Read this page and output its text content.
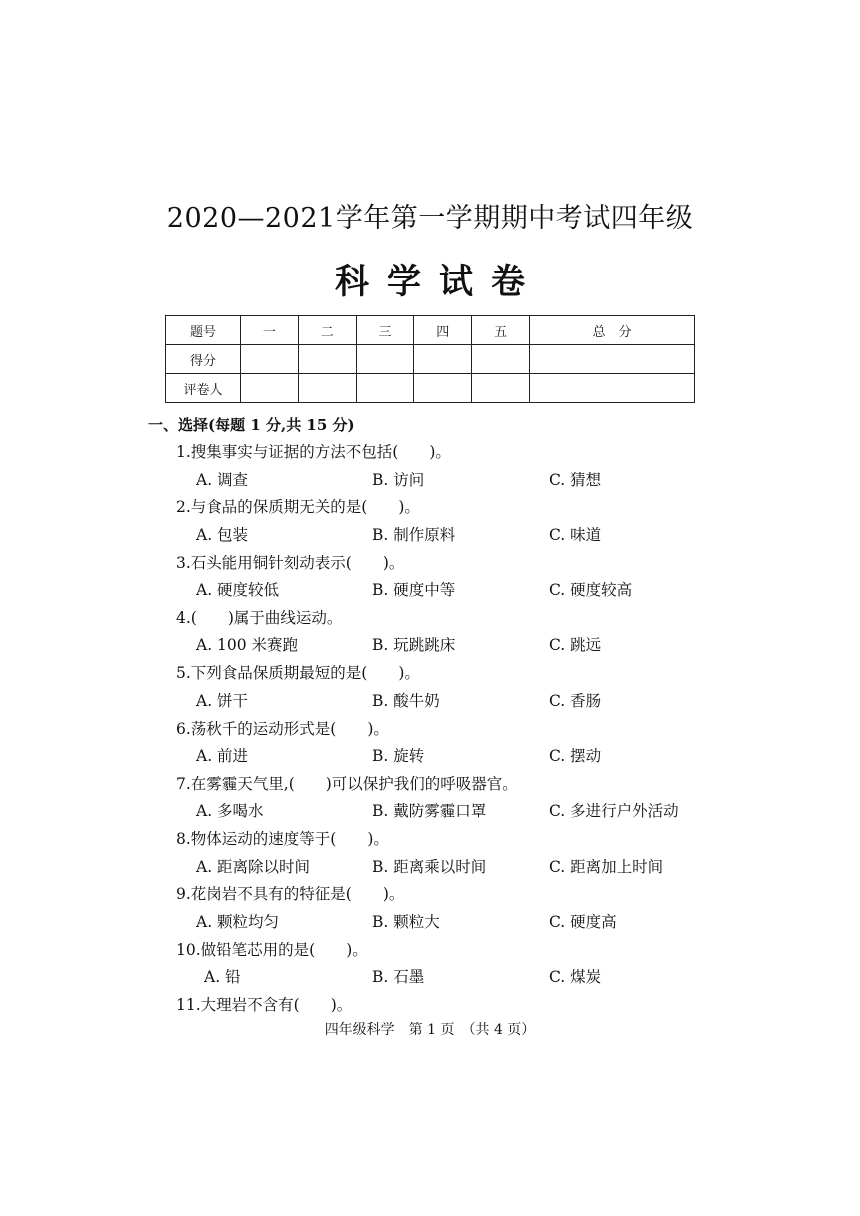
2020—2021学年第一学期期中考试四年级
科学试卷
题号	一	二	三	四	五	总　分
得分						
评卷人						
一、选择(每题 1 分,共 15 分)
1.搜集事实与证据的方法不包括(　　)。
A. 调查	B. 访问	C. 猜想
2.与食品的保质期无关的是(　　)。
A. 包装	B. 制作原料	C. 味道
3.石头能用铜针刻动表示(　　)。
A. 硬度较低	B. 硬度中等	C. 硬度较高
4.(　　)属于曲线运动。
A. 100 米赛跑	B. 玩跳跳床	C. 跳远
5.下列食品保质期最短的是(　　)。
A. 饼干	B. 酸牛奶	C. 香肠
6.荡秋千的运动形式是(　　)。
A. 前进	B. 旋转	C. 摆动
7.在雾霾天气里,(　　)可以保护我们的呼吸器官。
A. 多喝水	B. 戴防雾霾口罩	C. 多进行户外活动
8.物体运动的速度等于(　　)。
A. 距离除以时间	B. 距离乘以时间	C. 距离加上时间
9.花岗岩不具有的特征是(　　)。
A. 颗粒均匀	B. 颗粒大	C. 硬度高
10.做铅笔芯用的是(　　)。
A. 铅	B. 石墨	C. 煤炭
11.大理岩不含有(　　)。
四年级科学　第 1 页　（共 4 页）
